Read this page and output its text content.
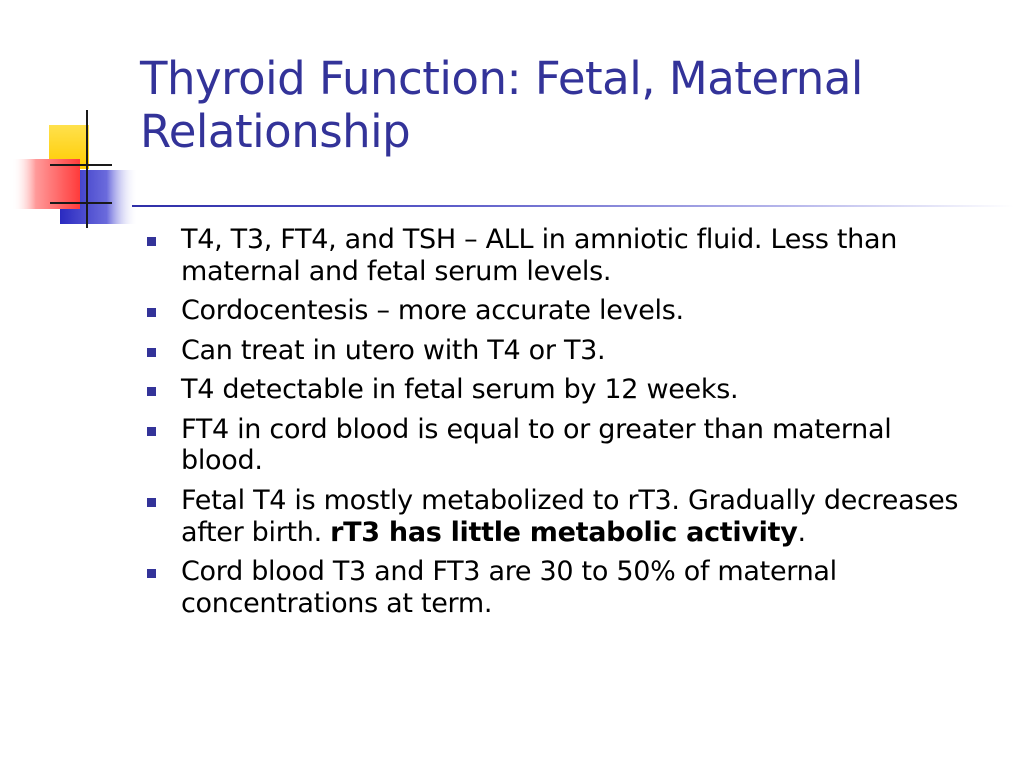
Thyroid Function: Fetal, Maternal Relationship
T4, T3, FT4, and TSH – ALL in amniotic fluid. Less than maternal and fetal serum levels.
Cordocentesis – more accurate levels.
Can treat in utero with T4 or T3.
T4 detectable in fetal serum by 12 weeks.
FT4 in cord blood is equal to or greater than maternal blood.
Fetal T4 is mostly metabolized to rT3. Gradually decreases after birth. rT3 has little metabolic activity.
Cord blood T3 and FT3 are 30 to 50% of maternal concentrations at term.
